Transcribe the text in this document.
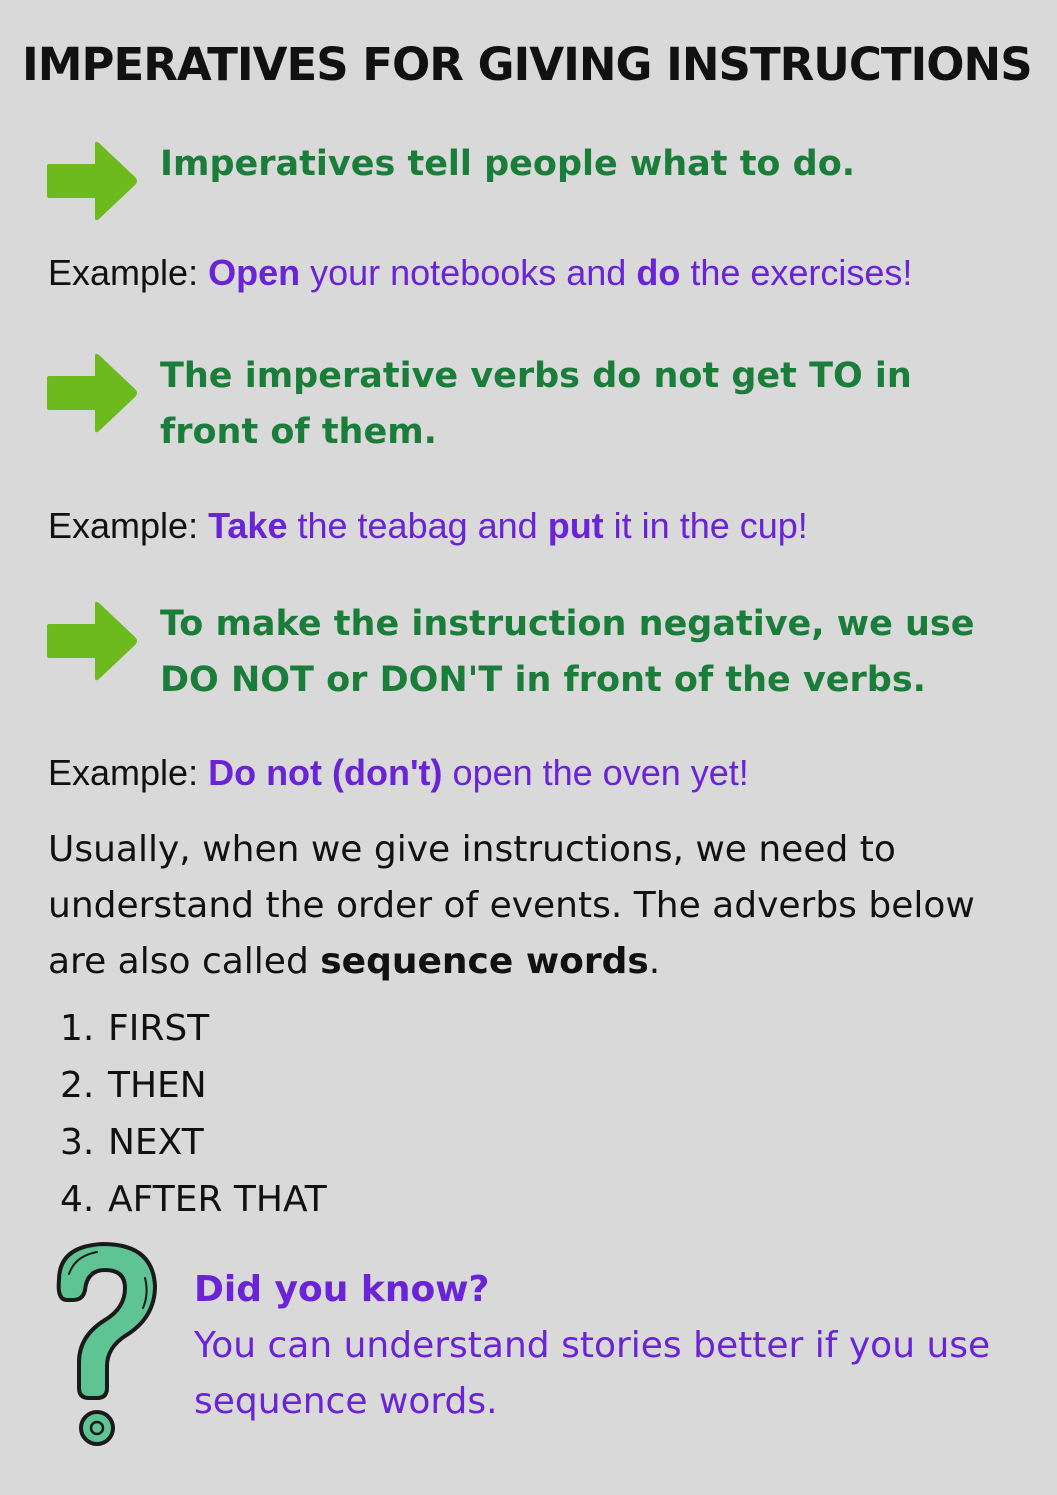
IMPERATIVES FOR GIVING INSTRUCTIONS
Imperatives tell people what to do.
Example: Open your notebooks and do the exercises!
The imperative verbs do not get TO in front of them.
Example: Take the teabag and put it in the cup!
To make the instruction negative, we use DO NOT or DON'T in front of the verbs.
Example: Do not (don't) open the oven yet!
Usually, when we give instructions, we need to understand the order of events. The adverbs below are also called sequence words.
1. FIRST
2. THEN
3. NEXT
4. AFTER THAT
Did you know?
You can understand stories better if you use sequence words.
